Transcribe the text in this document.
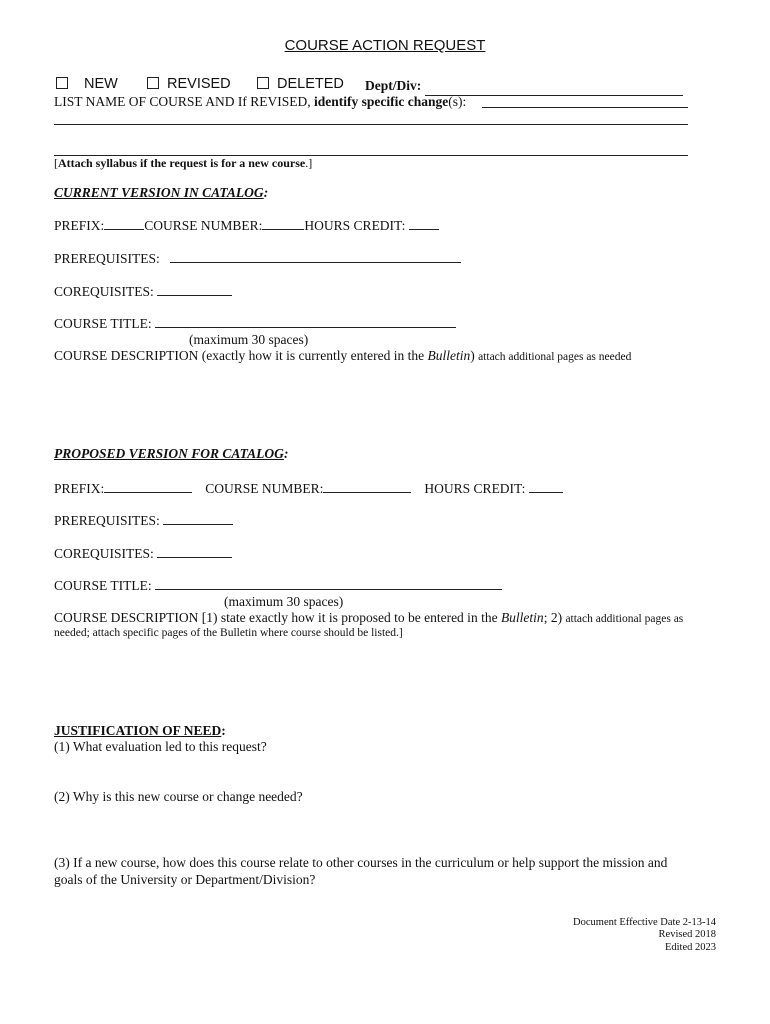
COURSE ACTION REQUEST
NEW	REVISED	DELETED Dept/Div:
LIST NAME OF COURSE AND If REVISED, identify specific change(s):
[Attach syllabus if the request is for a new course.]
CURRENT VERSION IN CATALOG:
PREFIX:	COURSE NUMBER:	HOURS CREDIT:
PREREQUISITES:
COREQUISITES:
COURSE TITLE:
(maximum 30 spaces)
COURSE DESCRIPTION (exactly how it is currently entered in the Bulletin) attach additional pages as needed
PROPOSED VERSION FOR CATALOG:
PREFIX:	COURSE NUMBER:	HOURS CREDIT:
PREREQUISITES:
COREQUISITES:
COURSE TITLE:
(maximum 30 spaces)
COURSE DESCRIPTION [1) state exactly how it is proposed to be entered in the Bulletin; 2) attach additional pages as
needed; attach specific pages of the Bulletin where course should be listed.]
JUSTIFICATION OF NEED:
(1) What evaluation led to this request?
(2) Why is this new course or change needed?
(3) If a new course, how does this course relate to other courses in the curriculum or help support the mission and
goals of the University or Department/Division?
Document Effective Date 2-13-14
Revised 2018
Edited 2023
